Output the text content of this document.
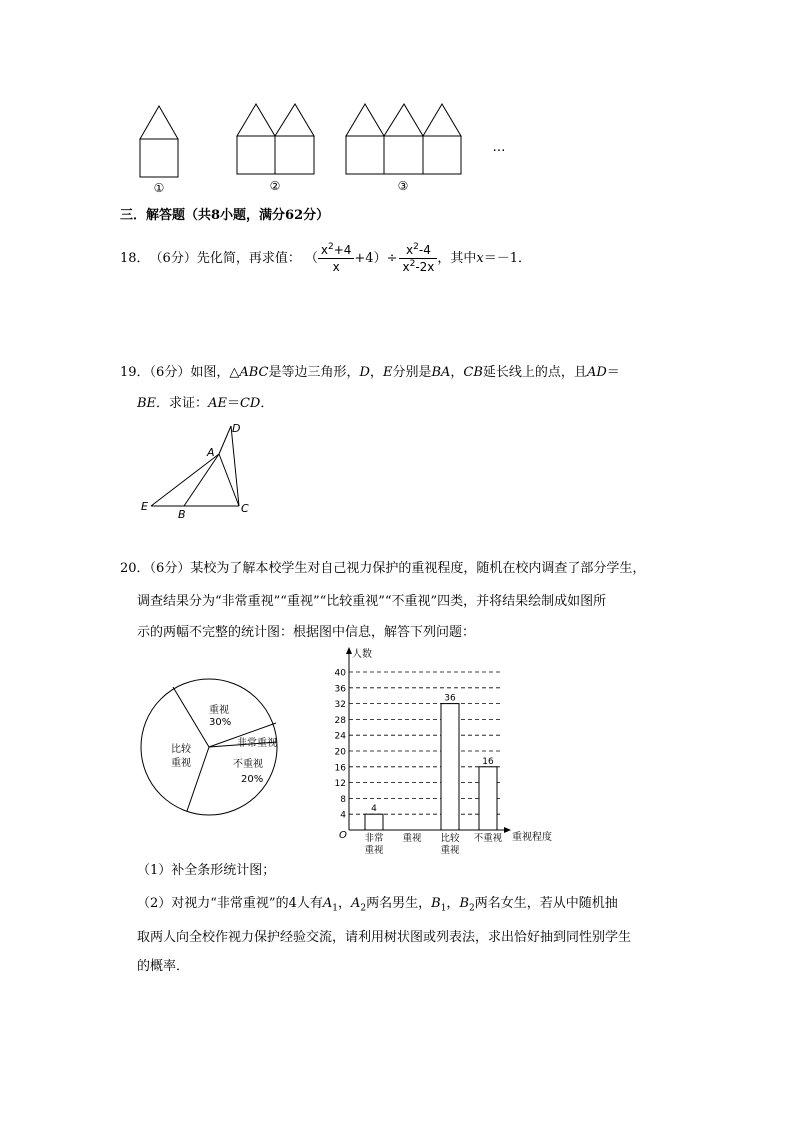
①	②	③
…
三．解答题（共8小题，满分62分）
18． （6分） 先化简，再求值： （ $\frac{x^2+4}{x} +4)\div \frac{x^2-4}{x^2-2x}$ ，其中 x ＝－1．
19．（6分）如图，△ABC是等边三角形，D，E分别是BA，CB延长线上的点，且AD＝
BE．求证：AE＝CD．
D
A
E
B	C
20．（6分）某校为了解本校学生对自己视力保护的重视程度，随机在校内调查了部分学生，
调查结果分为“非常重视”“重视”“比较重视”“不重视”四类，并将结果绘制成如图所
示的两幅不完整的统计图：根据图中信息，解答下列问题：
重视
30%
非常重视
不重视
20%
比较
重视
人数
重视程度
O
4
8
12
16
20
24
28
32
36
40
4
非常
重视
重视
36
比较
重视
16
不重视
（1）补全条形统计图；
（2）对视力“非常重视”的4人有$A_1$，$A_2$两名男生，$B_1$，$B_2$两名女生，若从中随机抽
取两人向全校作视力保护经验交流，请利用树状图或列表法，求出恰好抽到同性别学生
的概率．
